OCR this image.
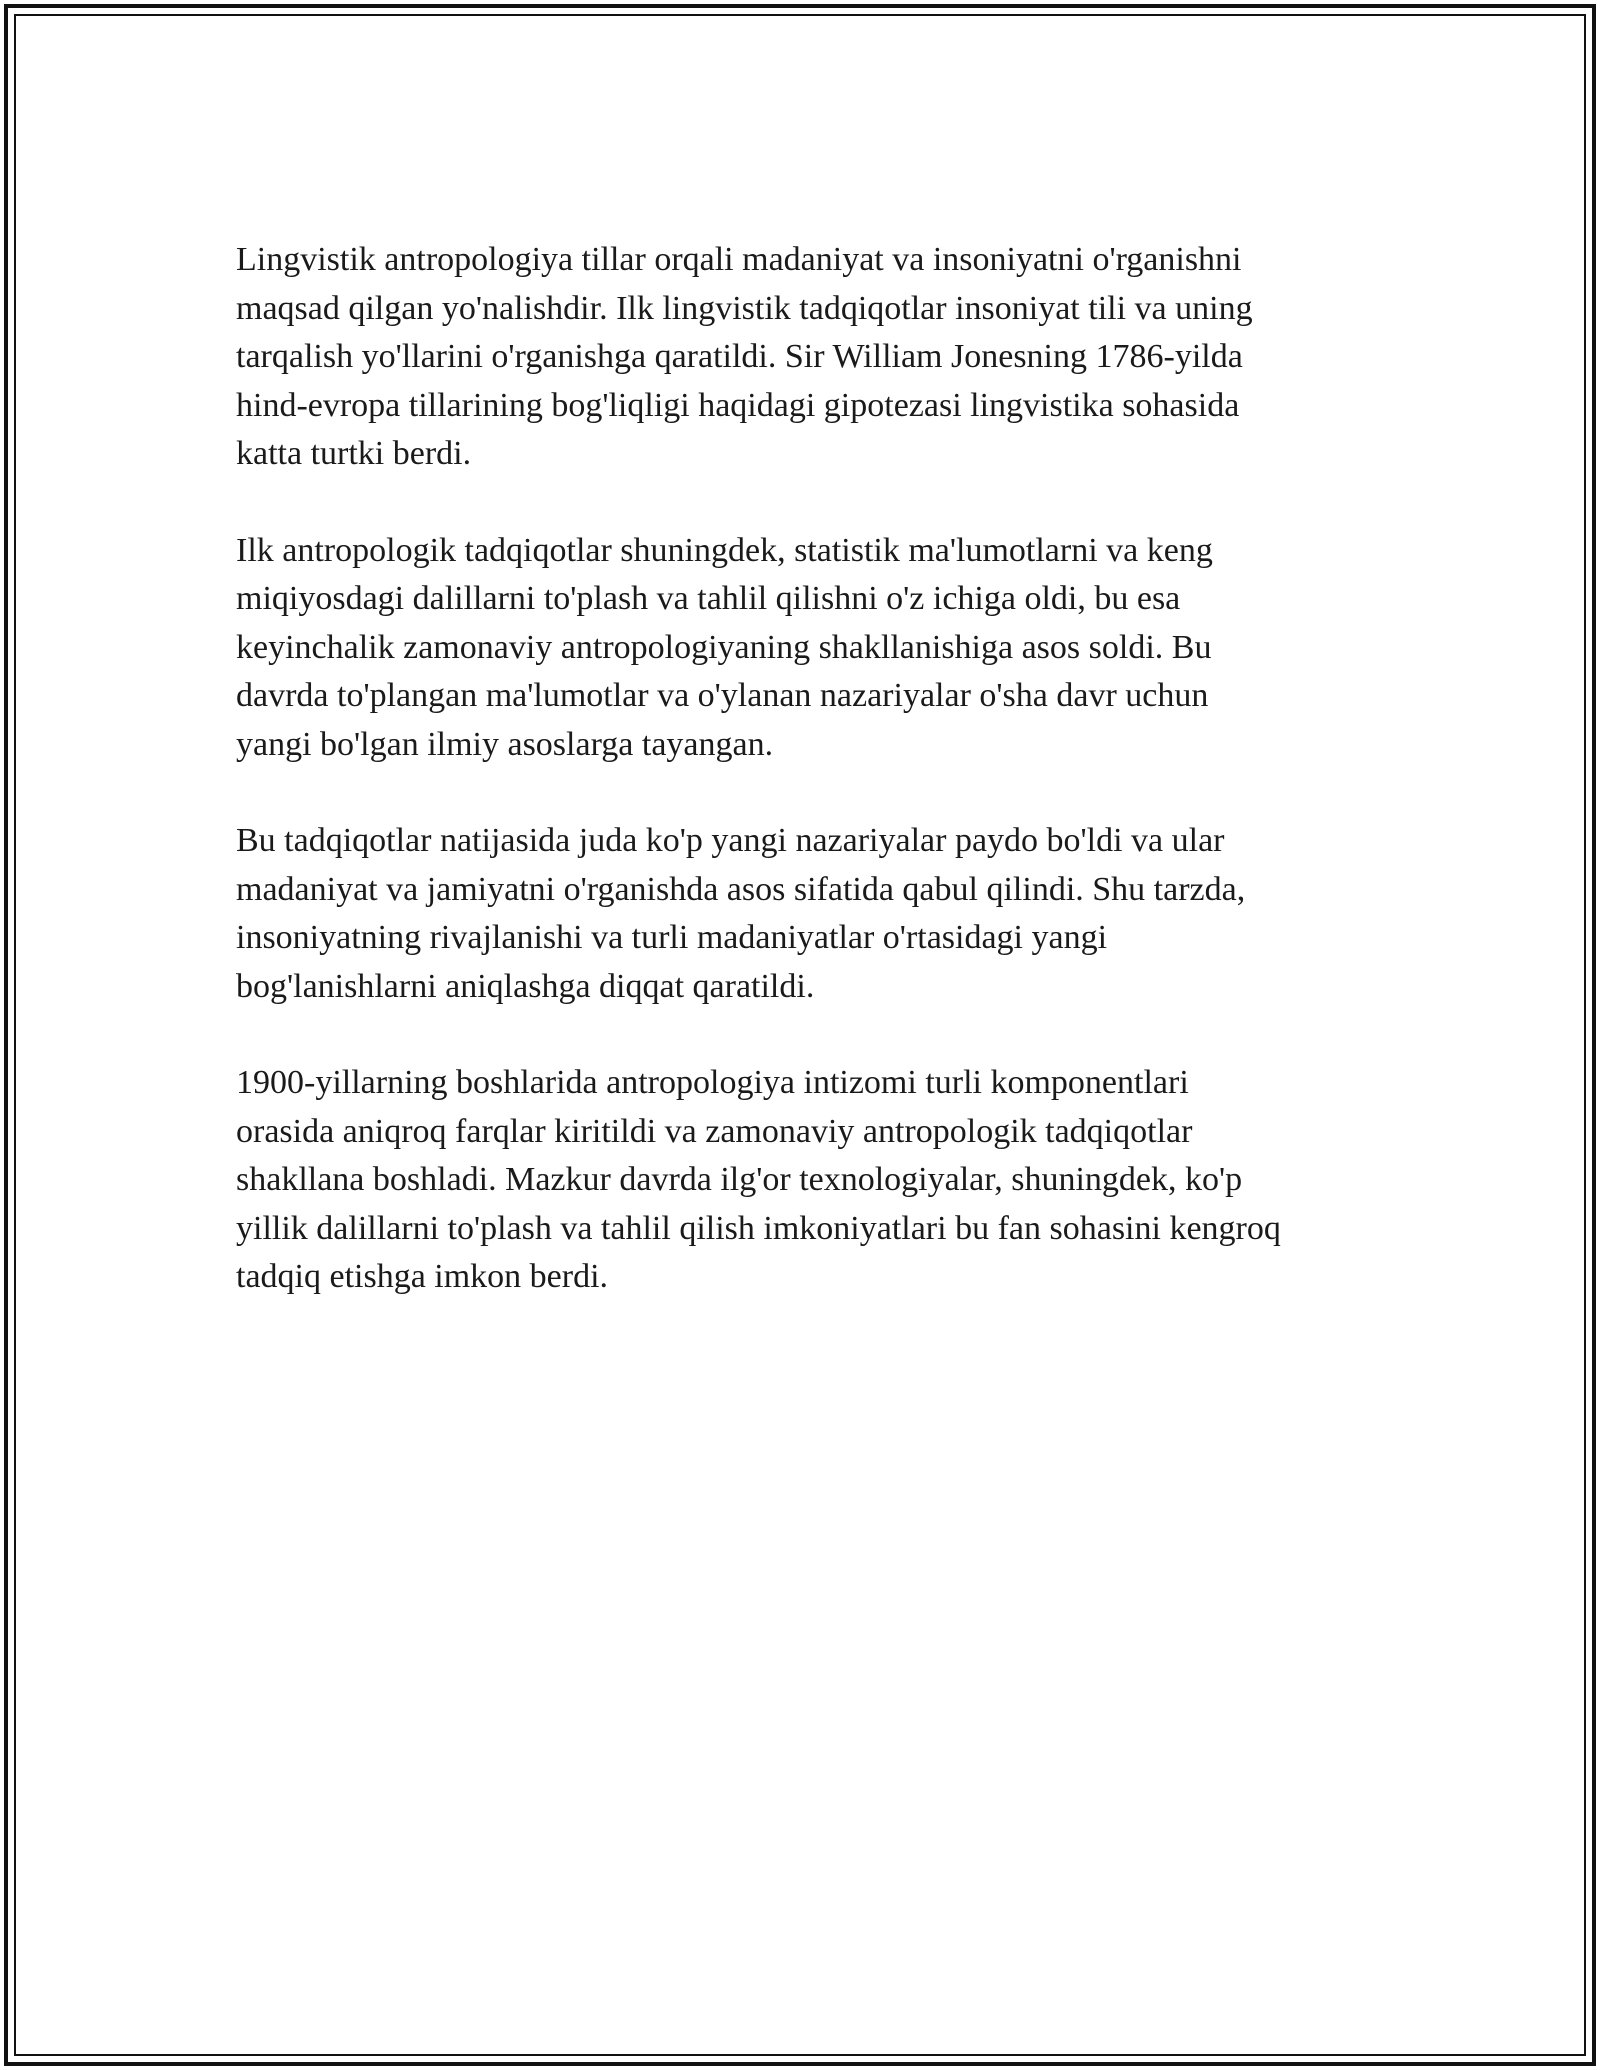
Lingvistik antropologiya tillar orqali madaniyat va insoniyatni o'rganishni
maqsad qilgan yo'nalishdir. Ilk lingvistik tadqiqotlar insoniyat tili va uning
tarqalish yo'llarini o'rganishga qaratildi. Sir William Jonesning 1786-yilda
hind-evropa tillarining bog'liqligi haqidagi gipotezasi lingvistika sohasida
katta turtki berdi.

Ilk antropologik tadqiqotlar shuningdek, statistik ma'lumotlarni va keng
miqiyosdagi dalillarni to'plash va tahlil qilishni o'z ichiga oldi, bu esa
keyinchalik zamonaviy antropologiyaning shakllanishiga asos soldi. Bu
davrda to'plangan ma'lumotlar va o'ylanan nazariyalar o'sha davr uchun
yangi bo'lgan ilmiy asoslarga tayangan.

Bu tadqiqotlar natijasida juda ko'p yangi nazariyalar paydo bo'ldi va ular
madaniyat va jamiyatni o'rganishda asos sifatida qabul qilindi. Shu tarzda,
insoniyatning rivajlanishi va turli madaniyatlar o'rtasidagi yangi
bog'lanishlarni aniqlashga diqqat qaratildi.

1900-yillarning boshlarida antropologiya intizomi turli komponentlari
orasida aniqroq farqlar kiritildi va zamonaviy antropologik tadqiqotlar
shakllana boshladi. Mazkur davrda ilg'or texnologiyalar, shuningdek, ko'p
yillik dalillarni to'plash va tahlil qilish imkoniyatlari bu fan sohasini kengroq
tadqiq etishga imkon berdi.
